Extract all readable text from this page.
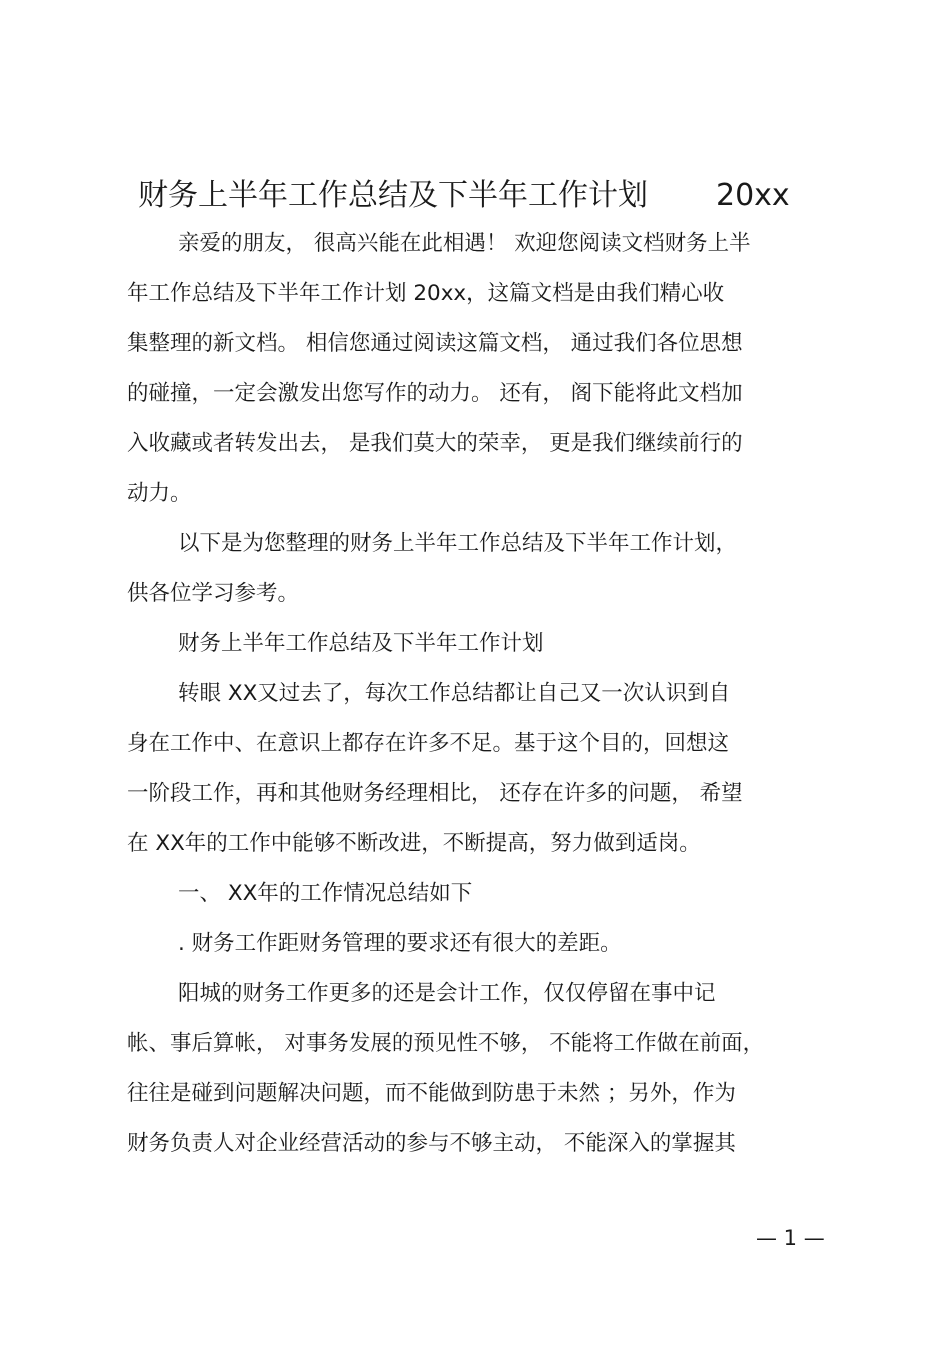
财务上半年工作总结及下半年工作计划 20xx
亲爱的朋友， 很高兴能在此相遇！ 欢迎您阅读文档财务上半
年工作总结及下半年工作计划 20xx，这篇文档是由我们精心收
集整理的新文档。 相信您通过阅读这篇文档， 通过我们各位思想
的碰撞，一定会激发出您写作的动力。 还有， 阁下能将此文档加
入收藏或者转发出去， 是我们莫大的荣幸， 更是我们继续前行的
动力。
以下是为您整理的财务上半年工作总结及下半年工作计划，
供各位学习参考。
财务上半年工作总结及下半年工作计划
转眼 XX又过去了，每次工作总结都让自己又一次认识到自
身在工作中、在意识上都存在许多不足。基于这个目的，回想这
一阶段工作，再和其他财务经理相比， 还存在许多的问题， 希望
在 XX年的工作中能够不断改进，不断提高，努力做到适岗。
一、 XX年的工作情况总结如下
. 财务工作距财务管理的要求还有很大的差距。
阳城的财务工作更多的还是会计工作，仅仅停留在事中记
帐、事后算帐， 对事务发展的预见性不够， 不能将工作做在前面，
往往是碰到问题解决问题，而不能做到防患于未然 ；另外，作为
财务负责人对企业经营活动的参与不够主动， 不能深入的掌握其
— 1 —
